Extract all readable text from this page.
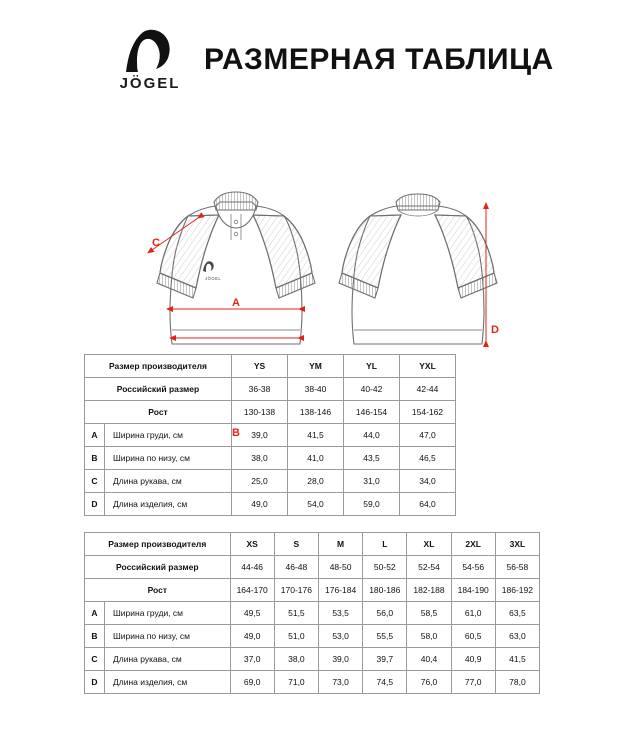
JÖGEL
РАЗМЕРНАЯ ТАБЛИЦА
JÖGEL
A
B
C
D
Размер производителя		YS	YM	YL	YXL
Российский размер		36-38	38-40	40-42	42-44
Рост		130-138	138-146	146-154	154-162
A	Ширина груди, см	39,0	41,5	44,0	47,0
B	Ширина по низу, см	38,0	41,0	43,5	46,5
C	Длина рукава, см	25,0	28,0	31,0	34,0
D	Длина изделия, см	49,0	54,0	59,0	64,0
Размер производителя		XS	S	M	L	XL	2XL	3XL
Российский размер		44-46	46-48	48-50	50-52	52-54	54-56	56-58
Рост		164-170	170-176	176-184	180-186	182-188	184-190	186-192
A	Ширина груди, см	49,5	51,5	53,5	56,0	58,5	61,0	63,5
B	Ширина по низу, см	49,0	51,0	53,0	55,5	58,0	60,5	63,0
C	Длина рукава, см	37,0	38,0	39,0	39,7	40,4	40,9	41,5
D	Длина изделия, см	69,0	71,0	73,0	74,5	76,0	77,0	78,0
